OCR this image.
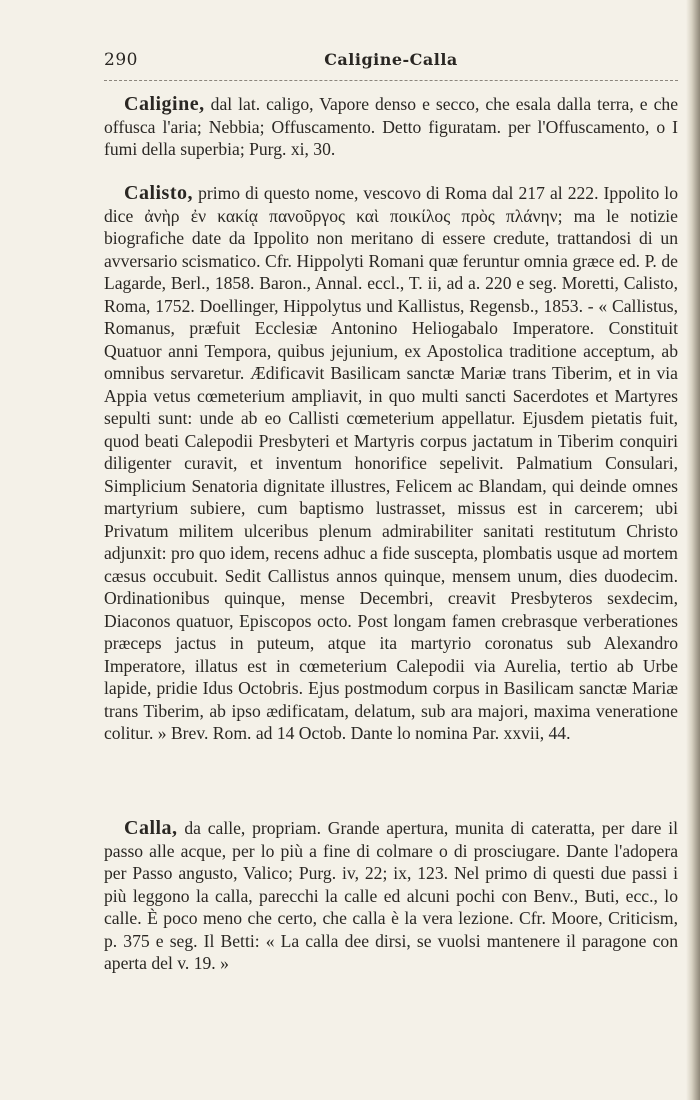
290	Caligine-Calla

Caligine, dal lat. caligo, Vapore denso e secco, che esala dalla terra, e che offusca l'aria; Nebbia; Offuscamento. Detto figuratam. per l'Offuscamento, o I fumi della superbia; Purg. xi, 30.

Calisto, primo di questo nome, vescovo di Roma dal 217 al 222. Ippolito lo dice ἀνὴρ ἐν κακίᾳ πανοῦργος καὶ ποικίλος πρὸς πλάνην; ma le notizie biografiche date da Ippolito non meritano di essere credute, trattandosi di un avversario scismatico. Cfr. Hippolyti Romani quæ feruntur omnia græce ed. P. de Lagarde, Berl., 1858. Baron., Annal. eccl., T. ii, ad a. 220 e seg. Moretti, Calisto, Roma, 1752. Doellinger, Hippolytus und Kallistus, Regensb., 1853. - « Callistus, Romanus, præfuit Ecclesiæ Antonino Heliogabalo Imperatore. Constituit Quatuor anni Tempora, quibus jejunium, ex Apostolica traditione acceptum, ab omnibus servaretur. Ædificavit Basilicam sanctæ Mariæ trans Tiberim, et in via Appia vetus cœmeterium ampliavit, in quo multi sancti Sacerdotes et Martyres sepulti sunt: unde ab eo Callisti cœmeterium appellatur. Ejusdem pietatis fuit, quod beati Calepodii Presbyteri et Martyris corpus jactatum in Tiberim conquiri diligenter curavit, et inventum honorifice sepelivit. Palmatium Consulari, Simplicium Senatoria dignitate illustres, Felicem ac Blandam, qui deinde omnes martyrium subiere, cum baptismo lustrasset, missus est in carcerem; ubi Privatum militem ulceribus plenum admirabiliter sanitati restitutum Christo adjunxit: pro quo idem, recens adhuc a fide suscepta, plombatis usque ad mortem cæsus occubuit. Sedit Callistus annos quinque, mensem unum, dies duodecim. Ordinationibus quinque, mense Decembri, creavit Presbyteros sexdecim, Diaconos quatuor, Episcopos octo. Post longam famen crebrasque verberationes præceps jactus in puteum, atque ita martyrio coronatus sub Alexandro Imperatore, illatus est in cœmeterium Calepodii via Aurelia, tertio ab Urbe lapide, pridie Idus Octobris. Ejus postmodum corpus in Basilicam sanctæ Mariæ trans Tiberim, ab ipso ædificatam, delatum, sub ara majori, maxima veneratione colitur. » Brev. Rom. ad 14 Octob. Dante lo nomina Par. xxvii, 44.

Calla, da calle, propriam. Grande apertura, munita di cateratta, per dare il passo alle acque, per lo più a fine di colmare o di prosciugare. Dante l'adopera per Passo angusto, Valico; Purg. iv, 22; ix, 123. Nel primo di questi due passi i più leggono la calla, parecchi la calle ed alcuni pochi con Benv., Buti, ecc., lo calle. È poco meno che certo, che calla è la vera lezione. Cfr. Moore, Criticism, p. 375 e seg. Il Betti: « La calla dee dirsi, se vuolsi mantenere il paragone con aperta del v. 19. »
